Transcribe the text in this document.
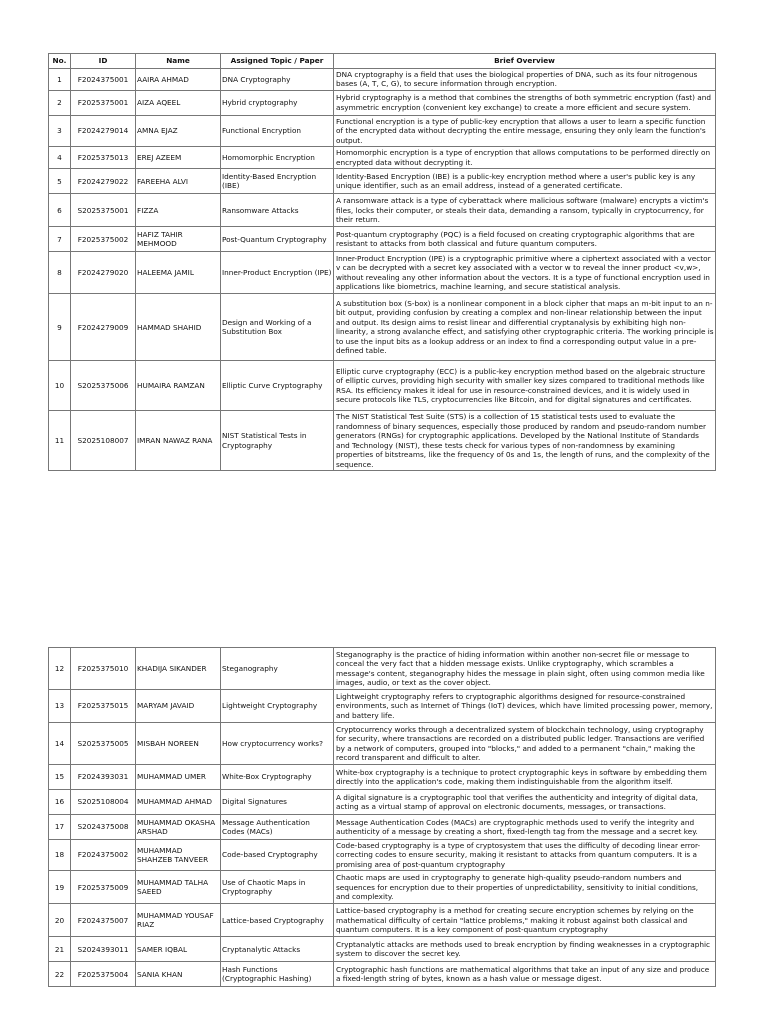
No.	ID	Name	Assigned Topic / Paper	Brief Overview
1	F2024375001	AAIRA AHMAD	DNA Cryptography	DNA cryptography is a field that uses the biological properties of DNA, such as its four nitrogenous bases (A, T, C, G), to secure information through encryption.
2	F2025375001	AIZA AQEEL	Hybrid cryptography	Hybrid cryptography is a method that combines the strengths of both symmetric encryption (fast) and asymmetric encryption (convenient key exchange) to create a more efficient and secure system.
3	F2024279014	AMNA EJAZ	Functional Encryption	Functional encryption is a type of public-key encryption that allows a user to learn a specific function of the encrypted data without decrypting the entire message, ensuring they only learn the function's output.
4	F2025375013	EREJ AZEEM	Homomorphic Encryption	Homomorphic encryption is a type of encryption that allows computations to be performed directly on encrypted data without decrypting it.
5	F2024279022	FAREEHA ALVI	Identity-Based Encryption (IBE)	Identity-Based Encryption (IBE) is a public-key encryption method where a user's public key is any unique identifier, such as an email address, instead of a generated certificate.
6	S2025375001	FIZZA	Ransomware Attacks	A ransomware attack is a type of cyberattack where malicious software (malware) encrypts a victim's files, locks their computer, or steals their data, demanding a ransom, typically in cryptocurrency, for their return.
7	F2025375002	HAFIZ TAHIR MEHMOOD	Post-Quantum Cryptography	Post-quantum cryptography (PQC) is a field focused on creating cryptographic algorithms that are resistant to attacks from both classical and future quantum computers.
8	F2024279020	HALEEMA JAMIL	Inner-Product Encryption (IPE)	Inner-Product Encryption (IPE) is a cryptographic primitive where a ciphertext associated with a vector v can be decrypted with a secret key associated with a vector w to reveal the inner product <v,w>, without revealing any other information about the vectors. It is a type of functional encryption used in applications like biometrics, machine learning, and secure statistical analysis.
9	F2024279009	HAMMAD SHAHID	Design and Working of a Substitution Box	A substitution box (S-box) is a nonlinear component in a block cipher that maps an m-bit input to an n-bit output, providing confusion by creating a complex and non-linear relationship between the input and output. Its design aims to resist linear and differential cryptanalysis by exhibiting high non-linearity, a strong avalanche effect, and satisfying other cryptographic criteria. The working principle is to use the input bits as a lookup address or an index to find a corresponding output value in a pre-defined table.
10	S2025375006	HUMAIRA RAMZAN	Elliptic Curve Cryptography	Elliptic curve cryptography (ECC) is a public-key encryption method based on the algebraic structure of elliptic curves, providing high security with smaller key sizes compared to traditional methods like RSA. Its efficiency makes it ideal for use in resource-constrained devices, and it is widely used in secure protocols like TLS, cryptocurrencies like Bitcoin, and for digital signatures and certificates.
11	S2025108007	IMRAN NAWAZ RANA	NIST Statistical Tests in Cryptography	The NIST Statistical Test Suite (STS) is a collection of 15 statistical tests used to evaluate the randomness of binary sequences, especially those produced by random and pseudo-random number generators (RNGs) for cryptographic applications. Developed by the National Institute of Standards and Technology (NIST), these tests check for various types of non-randomness by examining properties of bitstreams, like the frequency of 0s and 1s, the length of runs, and the complexity of the sequence.
12	F2025375010	KHADIJA SIKANDER	Steganography	Steganography is the practice of hiding information within another non-secret file or message to conceal the very fact that a hidden message exists. Unlike cryptography, which scrambles a message's content, steganography hides the message in plain sight, often using common media like images, audio, or text as the cover object.
13	F2025375015	MARYAM JAVAID	Lightweight Cryptography	Lightweight cryptography refers to cryptographic algorithms designed for resource-constrained environments, such as Internet of Things (IoT) devices, which have limited processing power, memory, and battery life.
14	S2025375005	MISBAH NOREEN	How cryptocurrency works?	Cryptocurrency works through a decentralized system of blockchain technology, using cryptography for security, where transactions are recorded on a distributed public ledger. Transactions are verified by a network of computers, grouped into "blocks," and added to a permanent "chain," making the record transparent and difficult to alter.
15	F2024393031	MUHAMMAD UMER	White-Box Cryptography	White-box cryptography is a technique to protect cryptographic keys in software by embedding them directly into the application's code, making them indistinguishable from the algorithm itself.
16	S2025108004	MUHAMMAD AHMAD	Digital Signatures	A digital signature is a cryptographic tool that verifies the authenticity and integrity of digital data, acting as a virtual stamp of approval on electronic documents, messages, or transactions.
17	S2024375008	MUHAMMAD OKASHA ARSHAD	Message Authentication Codes (MACs)	Message Authentication Codes (MACs) are cryptographic methods used to verify the integrity and authenticity of a message by creating a short, fixed-length tag from the message and a secret key.
18	F2024375002	MUHAMMAD SHAHZEB TANVEER	Code-based Cryptography	Code-based cryptography is a type of cryptosystem that uses the difficulty of decoding linear error-correcting codes to ensure security, making it resistant to attacks from quantum computers. It is a promising area of post-quantum cryptography
19	F2025375009	MUHAMMAD TALHA SAEED	Use of Chaotic Maps in Cryptography	Chaotic maps are used in cryptography to generate high-quality pseudo-random numbers and sequences for encryption due to their properties of unpredictability, sensitivity to initial conditions, and complexity.
20	F2024375007	MUHAMMAD YOUSAF RIAZ	Lattice-based Cryptography	Lattice-based cryptography is a method for creating secure encryption schemes by relying on the mathematical difficulty of certain "lattice problems," making it robust against both classical and quantum computers. It is a key component of post-quantum cryptography
21	S2024393011	SAMER IQBAL	Cryptanalytic Attacks	Cryptanalytic attacks are methods used to break encryption by finding weaknesses in a cryptographic system to discover the secret key.
22	F2025375004	SANIA KHAN	Hash Functions (Cryptographic Hashing)	Cryptographic hash functions are mathematical algorithms that take an input of any size and produce a fixed-length string of bytes, known as a hash value or message digest.
